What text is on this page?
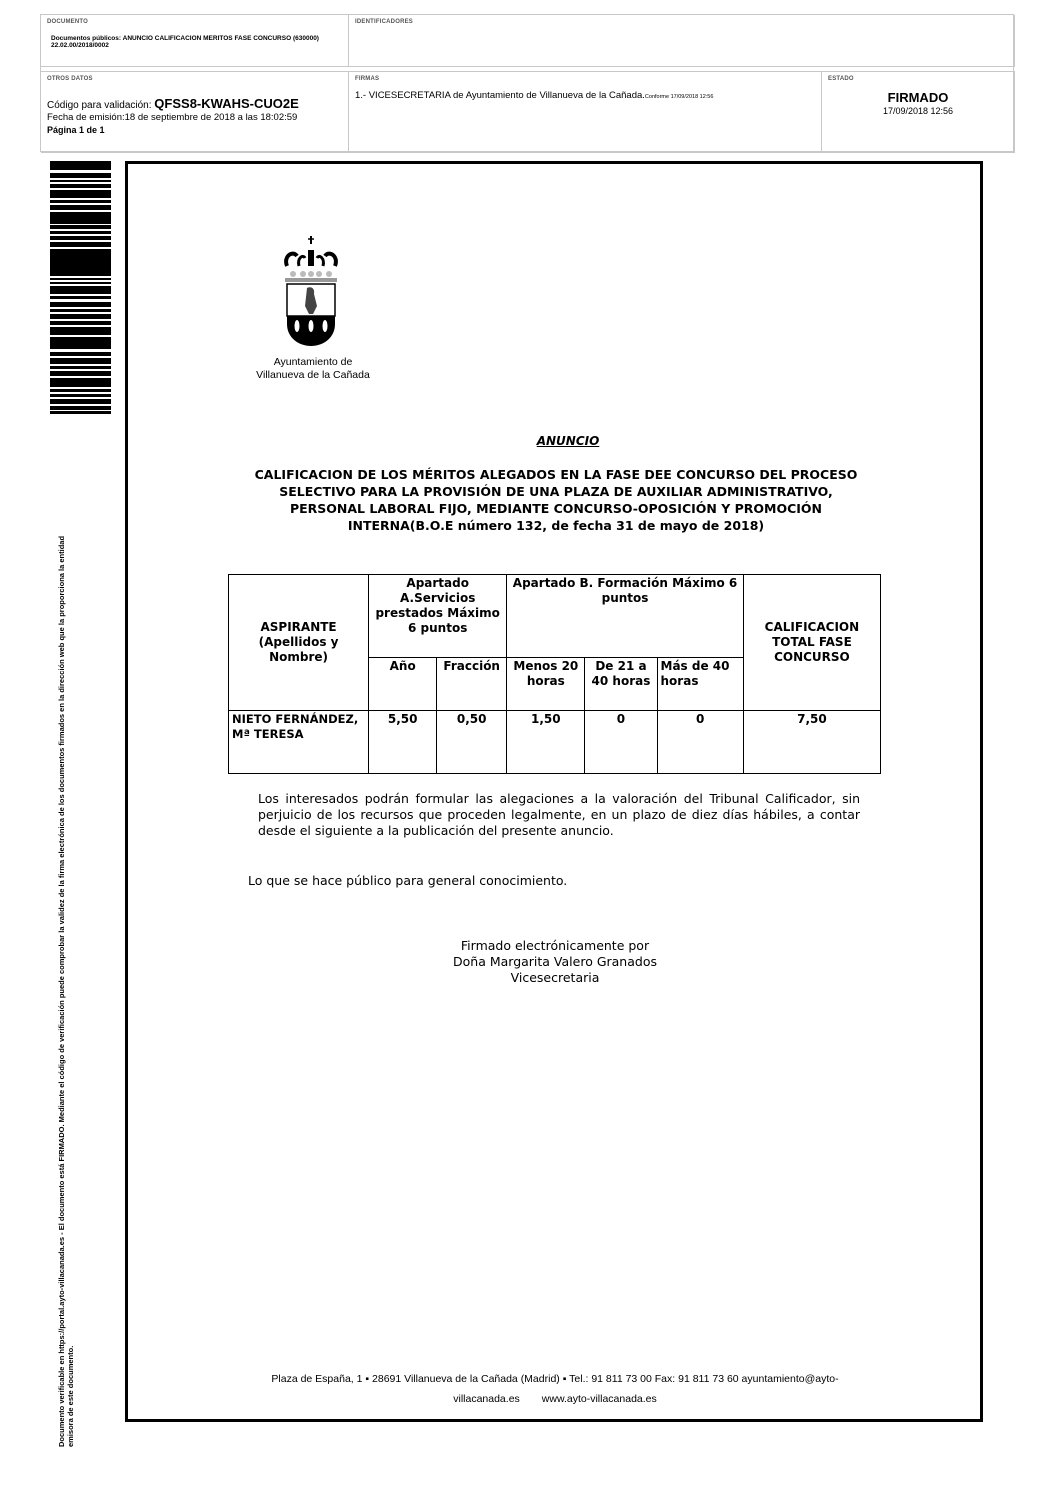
DOCUMENTO
Documentos públicos: ANUNCIO CALIFICACION MERITOS FASE CONCURSO (630000) 22.02.00/2018/0002
IDENTIFICADORES
OTROS DATOS
Código para validación: QFSS8-KWAHS-CUO2E
Fecha de emisión:18 de septiembre de 2018 a las 18:02:59
Página 1 de 1
FIRMAS
1.- VICESECRETARIA de Ayuntamiento de Villanueva de la Cañada.Conforme 17/09/2018 12:56
ESTADO
FIRMADO
17/09/2018 12:56
Documento verificable en https://portal.ayto-villacanada.es - El documento está FIRMADO. Mediante el código de verificación puede comprobar la validez de la firma electrónica de los documentos firmados en la dirección web que la proporciona la entidad emisora de este documento.
Ayuntamiento de
Villanueva de la Cañada
ANUNCIO
CALIFICACION DE LOS MÉRITOS ALEGADOS EN LA FASE DEE CONCURSO DEL PROCESO SELECTIVO PARA LA PROVISIÓN DE UNA PLAZA DE AUXILIAR ADMINISTRATIVO, PERSONAL LABORAL FIJO, MEDIANTE CONCURSO-OPOSICIÓN Y PROMOCIÓN INTERNA(B.O.E número 132, de fecha 31 de mayo de 2018)
ASPIRANTE (Apellidos y Nombre)	Apartado A.Servicios prestados Máximo 6 puntos		Apartado B. Formación Máximo 6 puntos			CALIFICACION TOTAL FASE CONCURSO
	Año	Fracción	Menos 20 horas	De 21 a 40 horas	Más de 40 horas	
NIETO FERNÁNDEZ, Mª TERESA	5,50	0,50	1,50	0	0	7,50
Los interesados podrán formular las alegaciones a la valoración del Tribunal Calificador, sin perjuicio de los recursos que proceden legalmente, en un plazo de diez días hábiles, a contar desde el siguiente a la publicación del presente anuncio.
Lo que se hace público para general conocimiento.
Firmado electrónicamente por
Doña Margarita Valero Granados
Vicesecretaria
Plaza de España, 1 ▪ 28691 Villanueva de la Cañada (Madrid) ▪ Tel.: 91 811 73 00 Fax: 91 811 73 60 ayuntamiento@ayto-
villacanada.es www.ayto-villacanada.es
